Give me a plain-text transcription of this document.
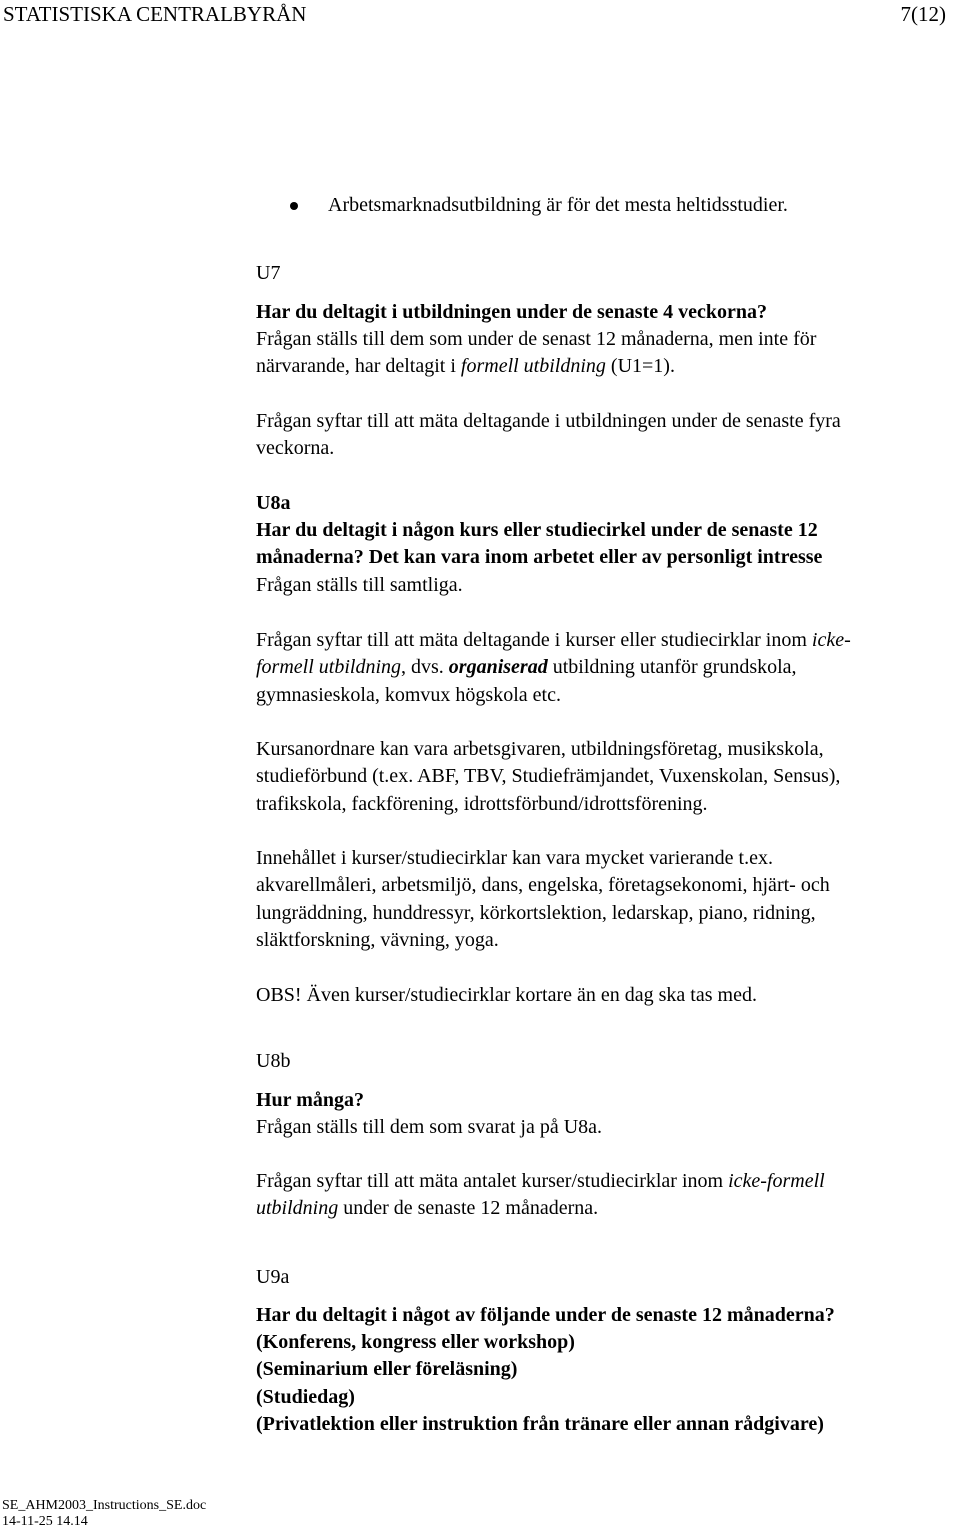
STATISTISKA CENTRALBYRÅN	7(12)
Arbetsmarknadsutbildning är för det mesta heltidsstudier.
U7
Har du deltagit i utbildningen under de senaste 4 veckorna?
Frågan ställs till dem som under de senast 12 månaderna, men inte för
närvarande, har deltagit i formell utbildning (U1=1).
Frågan syftar till att mäta deltagande i utbildningen under de senaste fyra
veckorna.
U8a
Har du deltagit i någon kurs eller studiecirkel under de senaste 12
månaderna? Det kan vara inom arbetet eller av personligt intresse
Frågan ställs till samtliga.
Frågan syftar till att mäta deltagande i kurser eller studiecirklar inom icke-
formell utbildning, dvs. organiserad utbildning utanför grundskola,
gymnasieskola, komvux högskola etc.
Kursanordnare kan vara arbetsgivaren, utbildningsföretag, musikskola,
studieförbund (t.ex. ABF, TBV, Studiefrämjandet, Vuxenskolan, Sensus),
trafikskola, fackförening, idrottsförbund/idrottsförening.
Innehållet i kurser/studiecirklar kan vara mycket varierande t.ex.
akvarellmåleri, arbetsmiljö, dans, engelska, företagsekonomi, hjärt- och
lungräddning, hunddressyr, körkortslektion, ledarskap, piano, ridning,
släktforskning, vävning, yoga.
OBS! Även kurser/studiecirklar kortare än en dag ska tas med.
U8b
Hur många?
Frågan ställs till dem som svarat ja på U8a.
Frågan syftar till att mäta antalet kurser/studiecirklar inom icke-formell
utbildning under de senaste 12 månaderna.
U9a
Har du deltagit i något av följande under de senaste 12 månaderna?
(Konferens, kongress eller workshop)
(Seminarium eller föreläsning)
(Studiedag)
(Privatlektion eller instruktion från tränare eller annan rådgivare)
SE_AHM2003_Instructions_SE.doc
14-11-25 14.14
